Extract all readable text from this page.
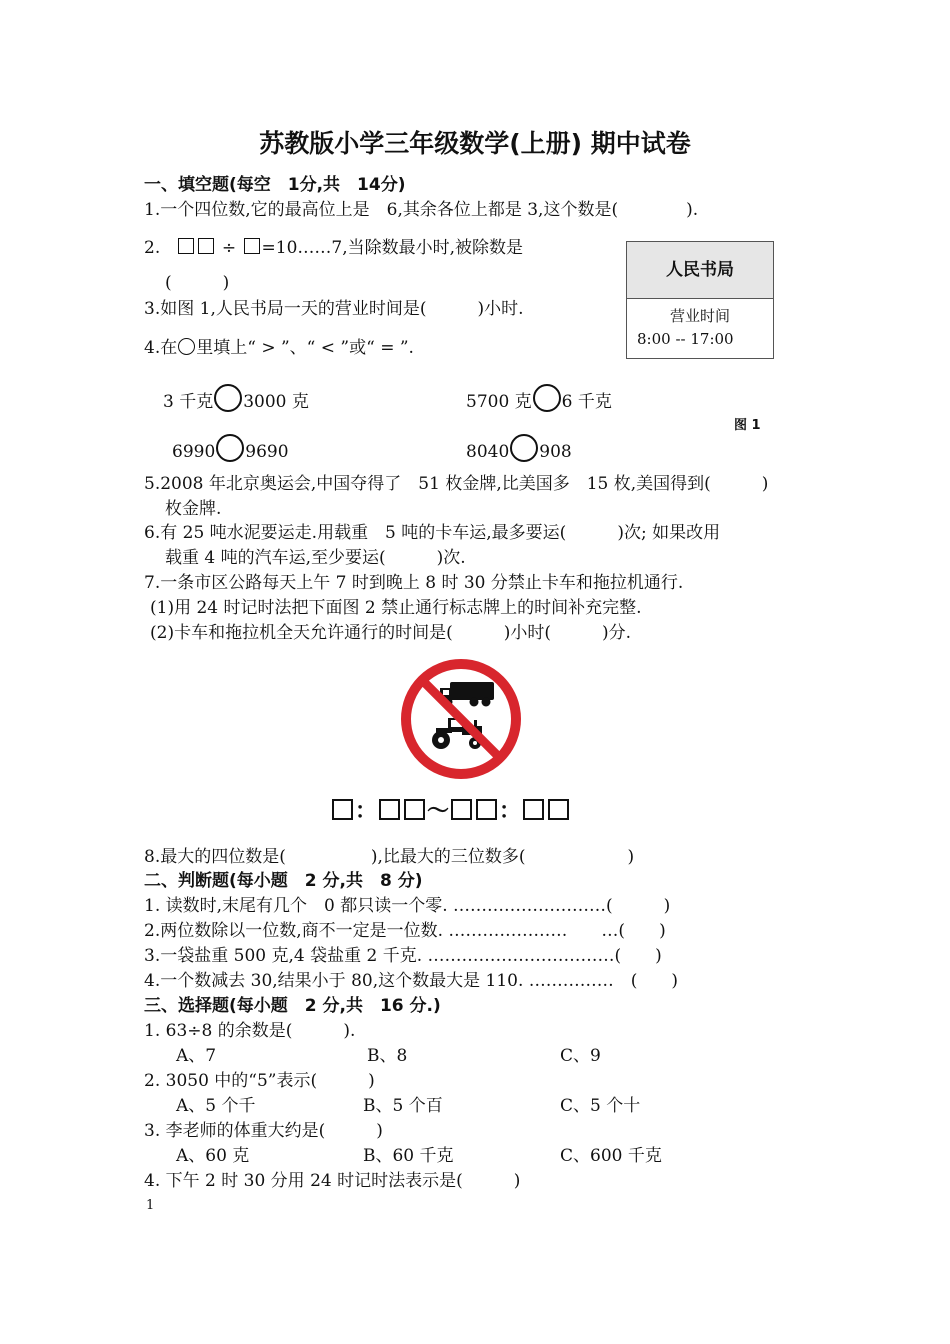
苏教版小学三年级数学(上册) 期中试卷
一、填空题(每空　1分,共　14分)
1.一个四位数,它的最高位上是　6,其余各位上都是 3,这个数是(　　　　).
2.	÷ =10……7,当除数最小时,被除数是
(　　　)
3.如图 1,人民书局一天的营业时间是(　　　)小时.
4.在 里填上“ > ”、“ < ”或“ = ”.
人民书局
营业时间
8:00 -- 17:00
图 1
3 千克 3000 克	5700 克 6 千克
6990 9690	8040 908
5.2008 年北京奥运会,中国夺得了　51 枚金牌,比美国多　15 枚,美国得到(　　　)
枚金牌.
6.有 25 吨水泥要运走.用载重　5 吨的卡车运,最多要运(　　　)次; 如果改用
载重 4 吨的汽车运,至少要运(　　　)次.
7.一条市区公路每天上午 7 时到晚上 8 时 30 分禁止卡车和拖拉机通行.
(1)用 24 时记时法把下面图 2 禁止通行标志牌上的时间补充完整.
(2)卡车和拖拉机全天允许通行的时间是(　　　)小时(　　　)分.
： ～ ：
8.最大的四位数是(　　　　　),比最大的三位数多(　　　　　　)
二、判断题(每小题　2 分,共　8 分)
1. 读数时,末尾有几个　0 都只读一个零. ………………………(　　　)
2.两位数除以一位数,商不一定是一位数. …………………　　…(　　)
3.一袋盐重 500 克,4 袋盐重 2 千克. ……………………………(　　)
4.一个数减去 30,结果小于 80,这个数最大是 110. ……………　(　　)
三、选择题(每小题　2 分,共　16 分.)
1. 63÷8 的余数是(　　　).
A、7	B、8	C、9
2. 3050 中的“5”表示(　　　)
A、5 个千	B、5 个百	C、5 个十
3. 李老师的体重大约是(　　　)
A、60 克	B、60 千克	C、600 千克
4. 下午 2 时 30 分用 24 时记时法表示是(　　　)
1
